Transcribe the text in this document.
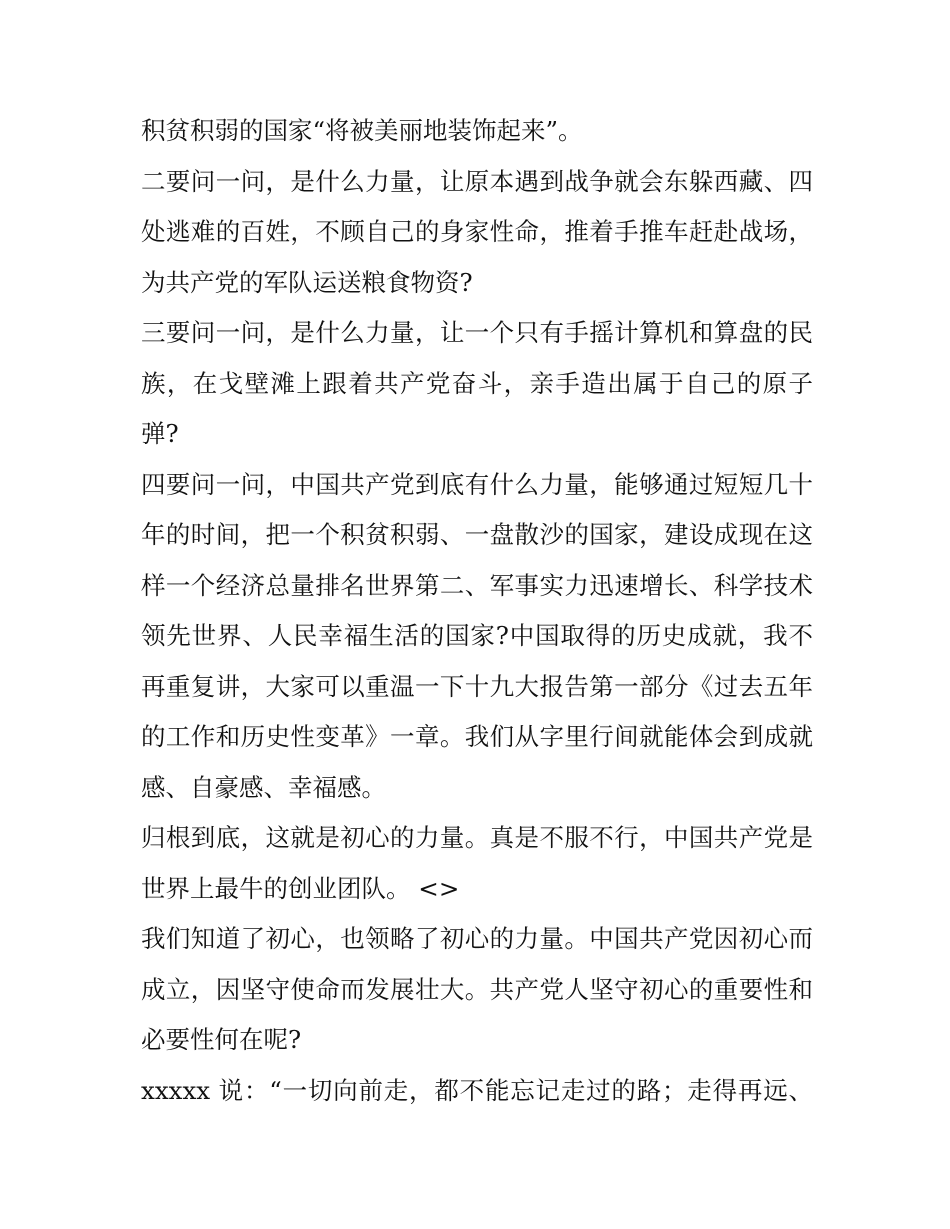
积贫积弱的国家“将被美丽地装饰起来”。
二要问一问，是什么力量，让原本遇到战争就会东躲西藏、四
处逃难的百姓，不顾自己的身家性命，推着手推车赶赴战场，
为共产党的军队运送粮食物资?
三要问一问，是什么力量，让一个只有手摇计算机和算盘的民
族，在戈壁滩上跟着共产党奋斗，亲手造出属于自己的原子
弹?
四要问一问，中国共产党到底有什么力量，能够通过短短几十
年的时间，把一个积贫积弱、一盘散沙的国家，建设成现在这
样一个经济总量排名世界第二、军事实力迅速增长、科学技术
领先世界、人民幸福生活的国家?中国取得的历史成就，我不
再重复讲，大家可以重温一下十九大报告第一部分《过去五年
的工作和历史性变革》一章。我们从字里行间就能体会到成就
感、自豪感、幸福感。
归根到底，这就是初心的力量。真是不服不行，中国共产党是
世界上最牛的创业团队。 <>
我们知道了初心，也领略了初心的力量。中国共产党因初心而
成立，因坚守使命而发展壮大。共产党人坚守初心的重要性和
必要性何在呢?
xxxxx 说：“一切向前走，都不能忘记走过的路；走得再远、
